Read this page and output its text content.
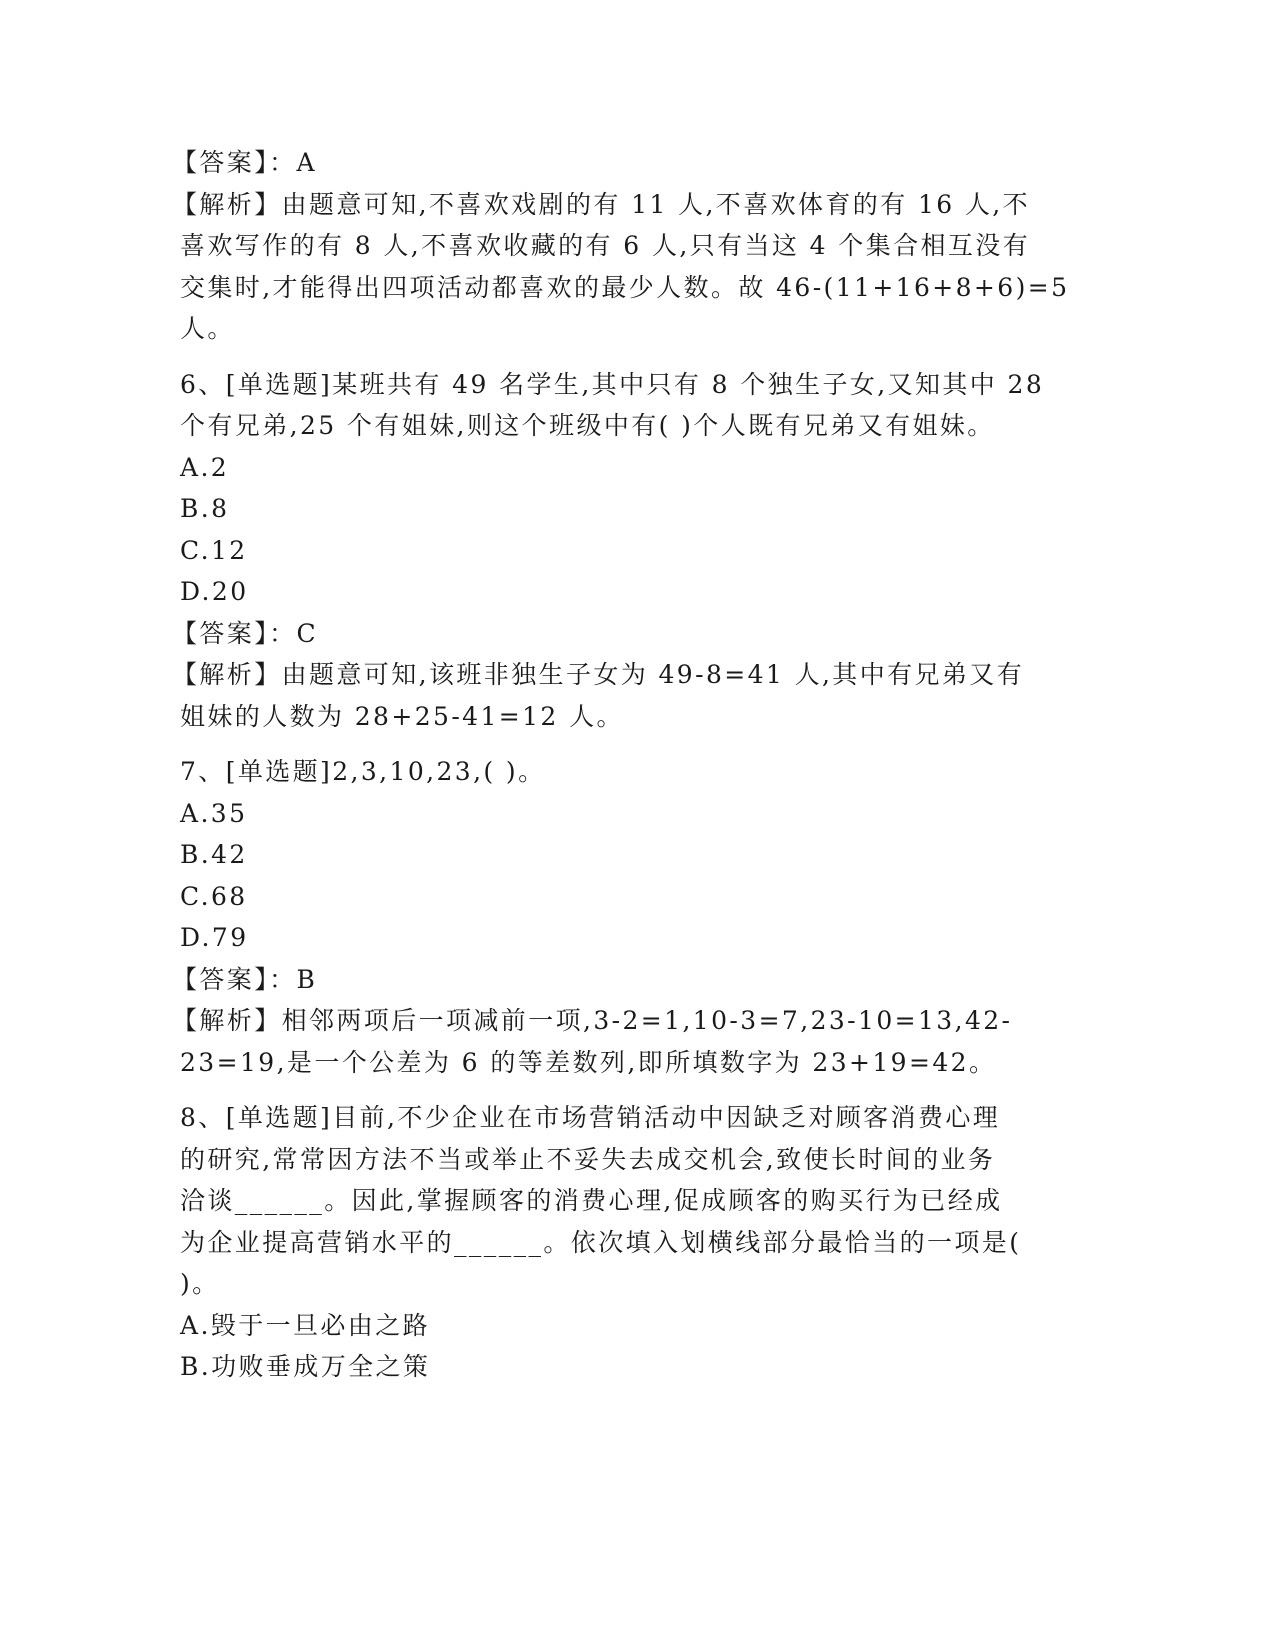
【答案】：A
【解析】由题意可知,不喜欢戏剧的有 11 人,不喜欢体育的有 16 人,不
喜欢写作的有 8 人,不喜欢收藏的有 6 人,只有当这 4 个集合相互没有
交集时,才能得出四项活动都喜欢的最少人数。故 46-(11+16+8+6)=5
人。
6、[单选题]某班共有 49 名学生,其中只有 8 个独生子女,又知其中 28
个有兄弟,25 个有姐妹,则这个班级中有( )个人既有兄弟又有姐妹。
A.2
B.8
C.12
D.20
【答案】：C
【解析】由题意可知,该班非独生子女为 49-8=41 人,其中有兄弟又有
姐妹的人数为 28+25-41=12 人。
7、[单选题]2,3,10,23,( )。
A.35
B.42
C.68
D.79
【答案】：B
【解析】相邻两项后一项减前一项,3-2=1,10-3=7,23-10=13,42-
23=19,是一个公差为 6 的等差数列,即所填数字为 23+19=42。
8、[单选题]目前,不少企业在市场营销活动中因缺乏对顾客消费心理
的研究,常常因方法不当或举止不妥失去成交机会,致使长时间的业务
洽谈______。因此,掌握顾客的消费心理,促成顾客的购买行为已经成
为企业提高营销水平的______。依次填入划横线部分最恰当的一项是(
)。
A.毁于一旦必由之路
B.功败垂成万全之策
